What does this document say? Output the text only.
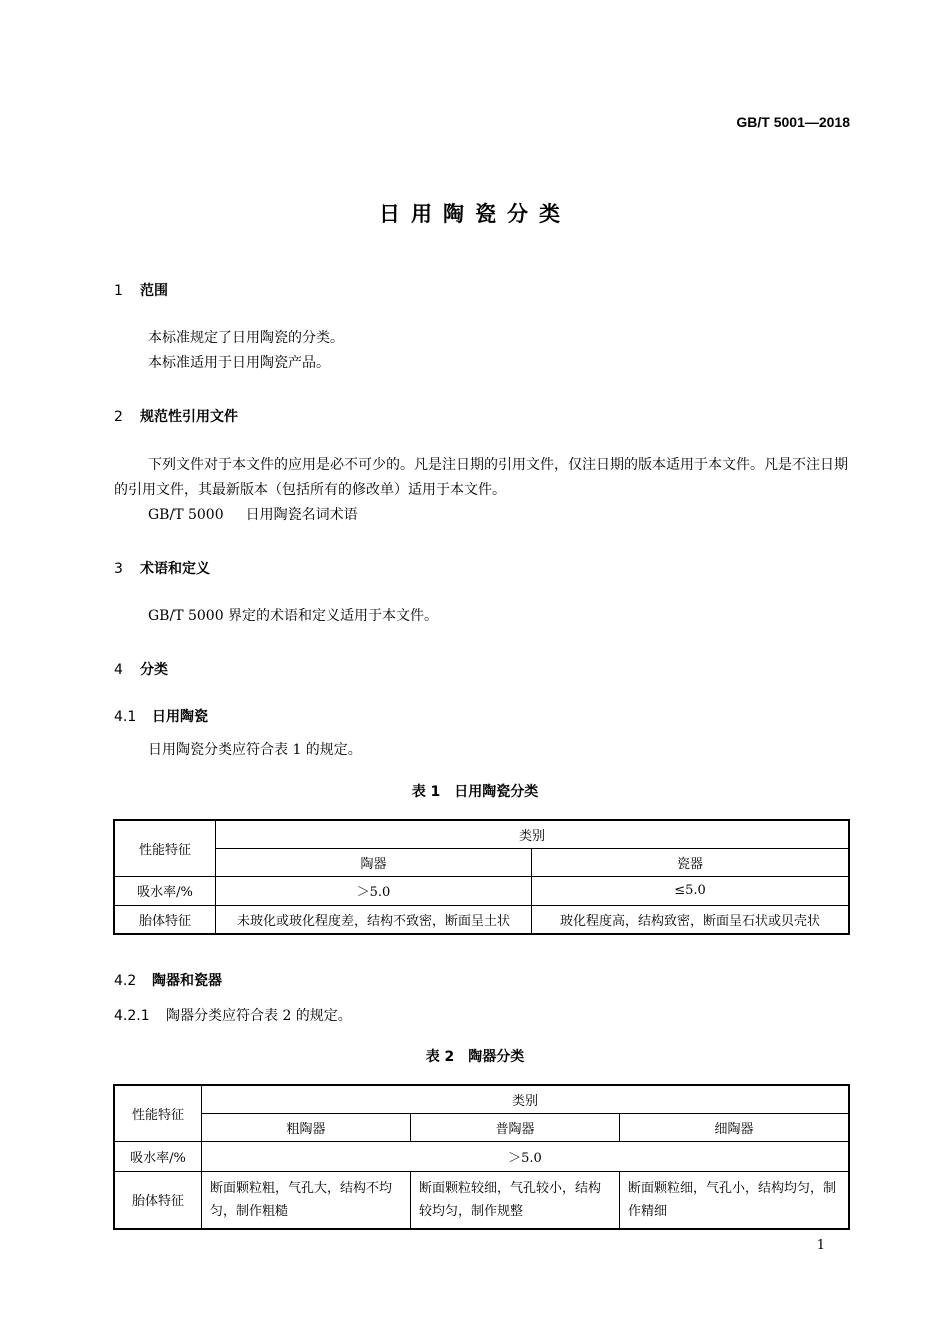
GB/T 5001—2018
日用陶瓷分类
1 范围
本标准规定了日用陶瓷的分类。
本标准适用于日用陶瓷产品。
2 规范性引用文件
下列文件对于本文件的应用是必不可少的。凡是注日期的引用文件，仅注日期的版本适用于本文件。凡是不注日期的引用文件，其最新版本（包括所有的修改单）适用于本文件。
GB/T 5000 日用陶瓷名词术语
3 术语和定义
GB/T 5000 界定的术语和定义适用于本文件。
4 分类
4.1 日用陶瓷
日用陶瓷分类应符合表 1 的规定。
表 1　日用陶瓷分类
性能特征	类别	
	陶器	瓷器
吸水率/%	＞5.0	≤5.0
胎体特征	未玻化或玻化程度差，结构不致密，断面呈土状	玻化程度高，结构致密，断面呈石状或贝壳状
4.2 陶器和瓷器
4.2.1 陶器分类应符合表 2 的规定。
表 2　陶器分类
性能特征	类别		
	粗陶器	普陶器	细陶器
吸水率/%	＞5.0		
胎体特征	断面颗粒粗，气孔大，结构不均匀，制作粗糙	断面颗粒较细，气孔较小，结构较均匀，制作规整	断面颗粒细，气孔小，结构均匀，制作精细
1
